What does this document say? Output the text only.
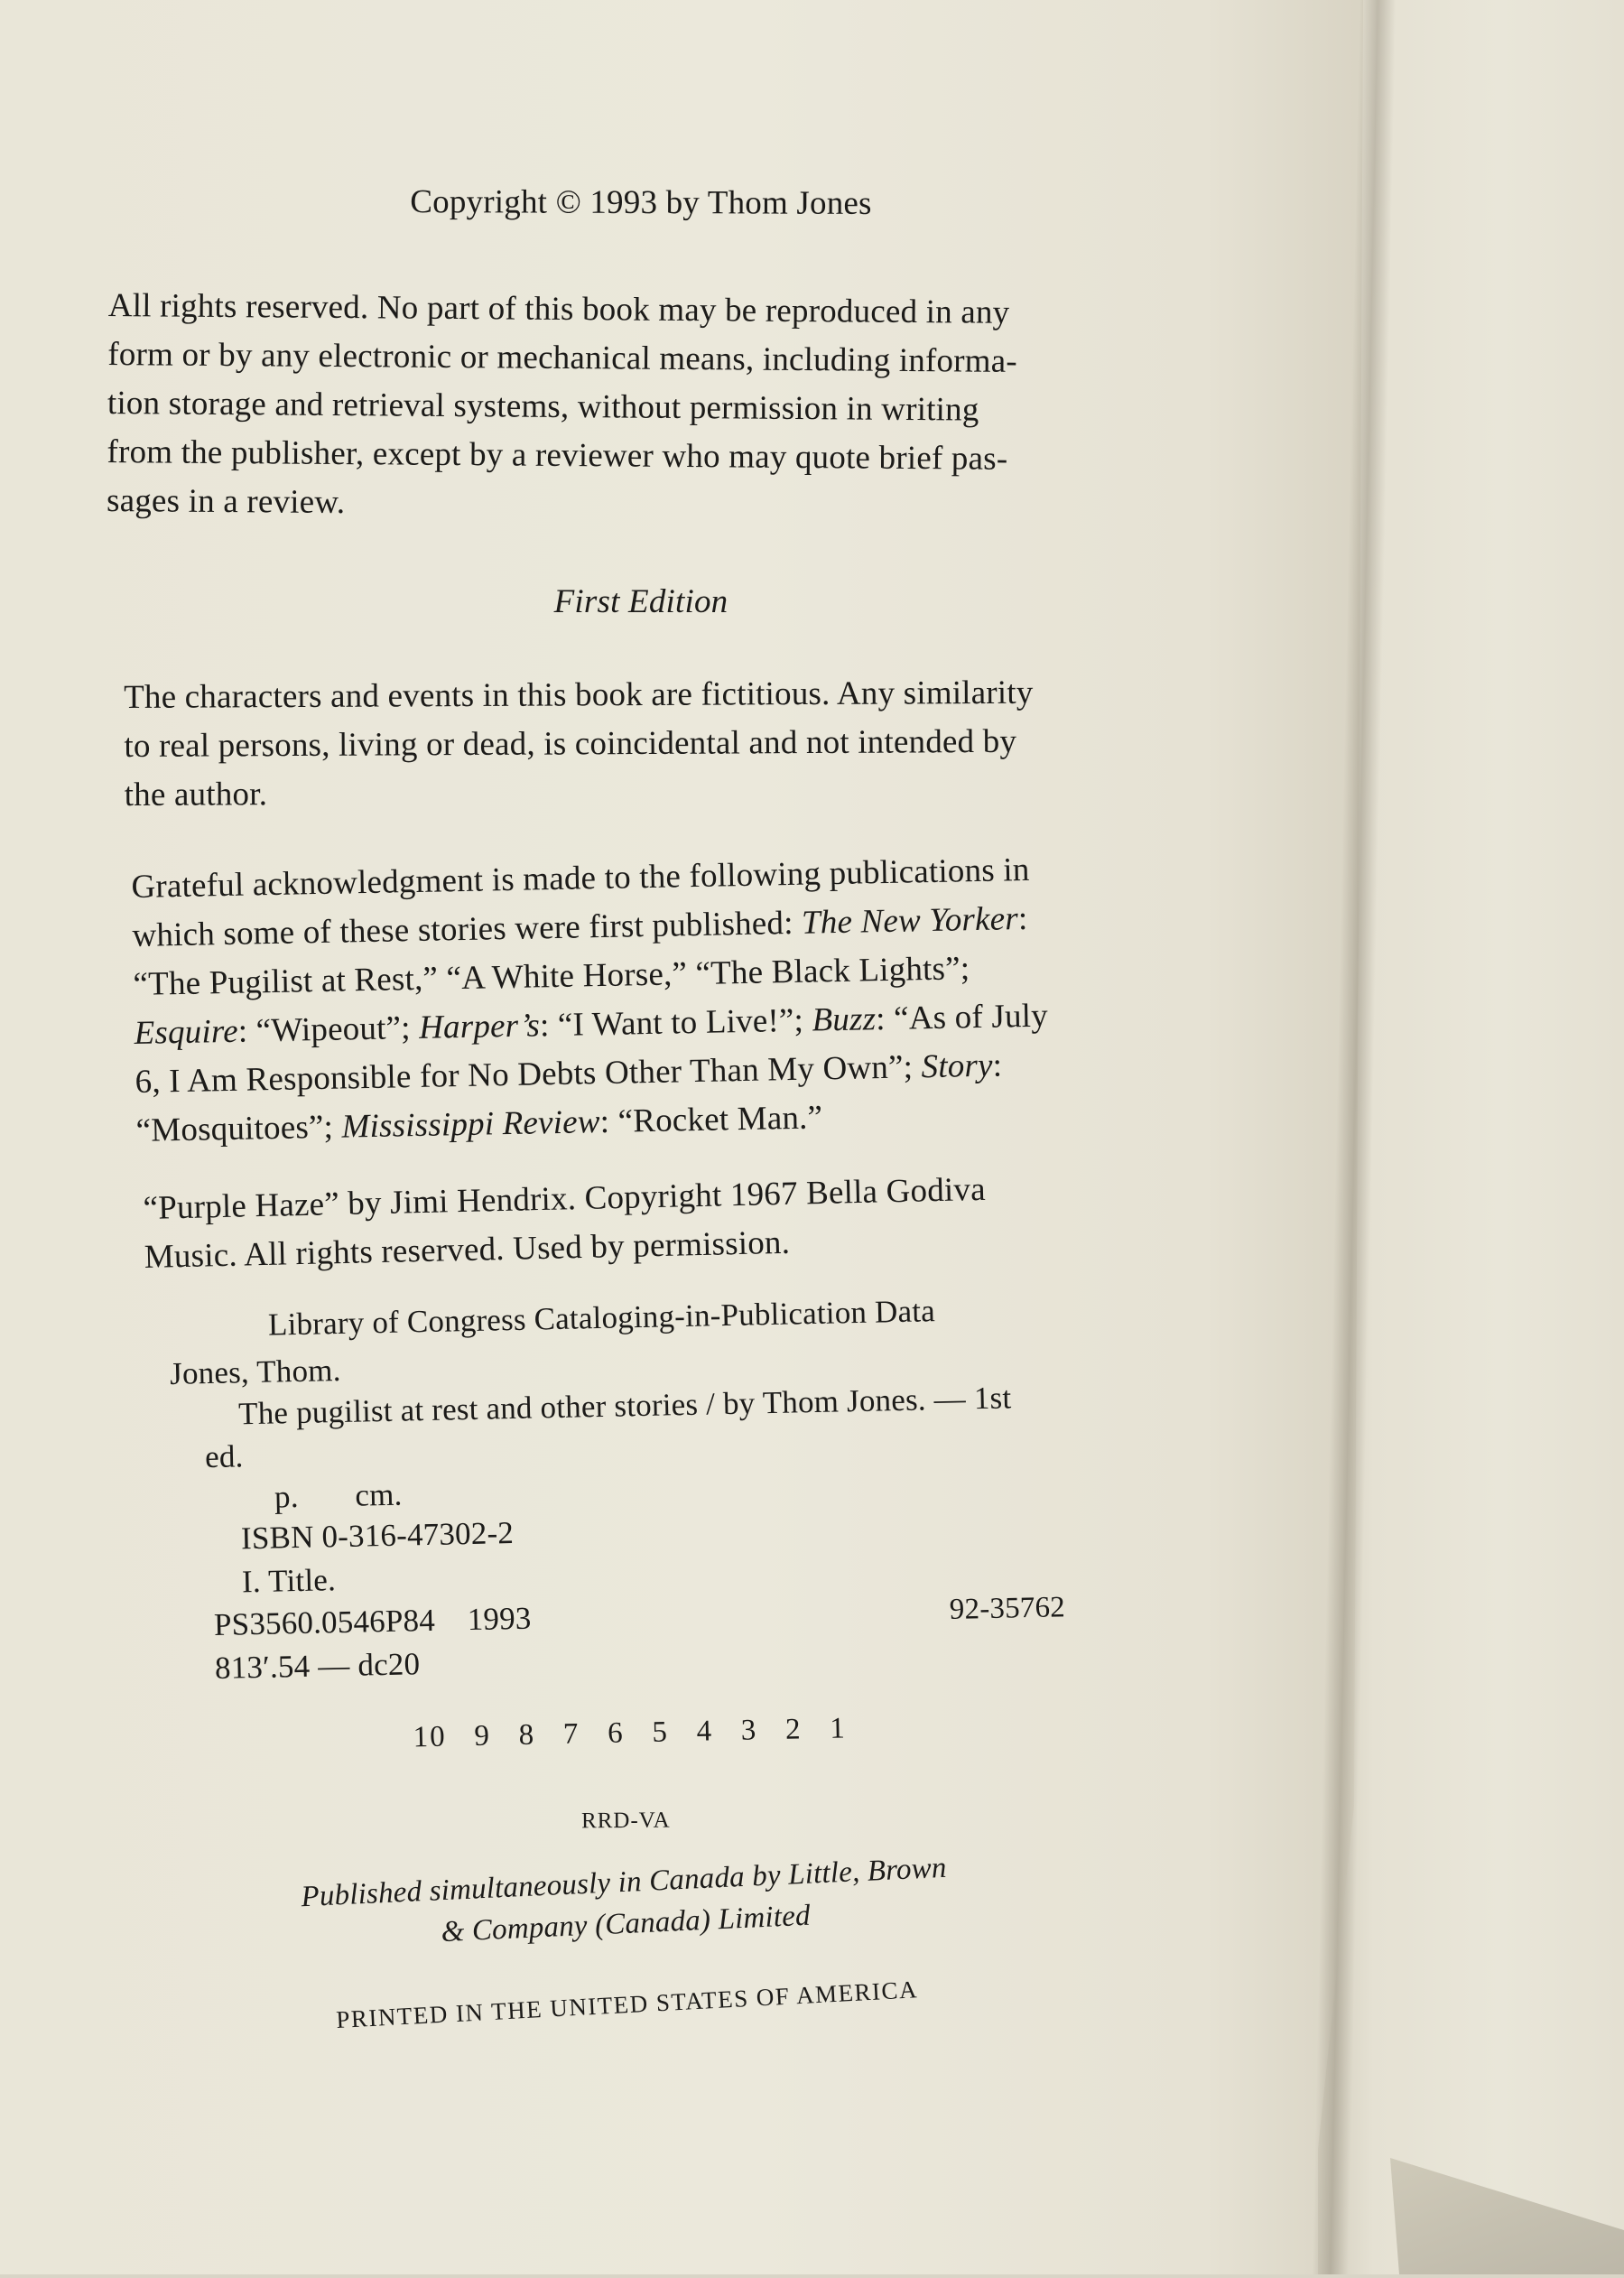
Copyright © 1993 by Thom Jones
All rights reserved. No part of this book may be reproduced in any
form or by any electronic or mechanical means, including informa-
tion storage and retrieval systems, without permission in writing
from the publisher, except by a reviewer who may quote brief pas-
sages in a review.
First Edition
The characters and events in this book are fictitious. Any similarity
to real persons, living or dead, is coincidental and not intended by
the author.
Grateful acknowledgment is made to the following publications in
which some of these stories were first published: The New Yorker:
“The Pugilist at Rest,” “A White Horse,” “The Black Lights”;
Esquire: “Wipeout”; Harper’s: “I Want to Live!”; Buzz: “As of July
6, I Am Responsible for No Debts Other Than My Own”; Story:
“Mosquitoes”; Mississippi Review: “Rocket Man.”
“Purple Haze” by Jimi Hendrix. Copyright 1967 Bella Godiva
Music. All rights reserved. Used by permission.
Library of Congress Cataloging-in-Publication Data
Jones, Thom.
The pugilist at rest and other stories / by Thom Jones. — 1st
ed.
p.       cm.
ISBN 0-316-47302-2
I. Title.
PS3560.0546P84    1993	92-35762
813′.54 — dc20
10   9   8   7   6   5   4   3   2   1
RRD-VA
Published simultaneously in Canada by Little, Brown
& Company (Canada) Limited
PRINTED IN THE UNITED STATES OF AMERICA
